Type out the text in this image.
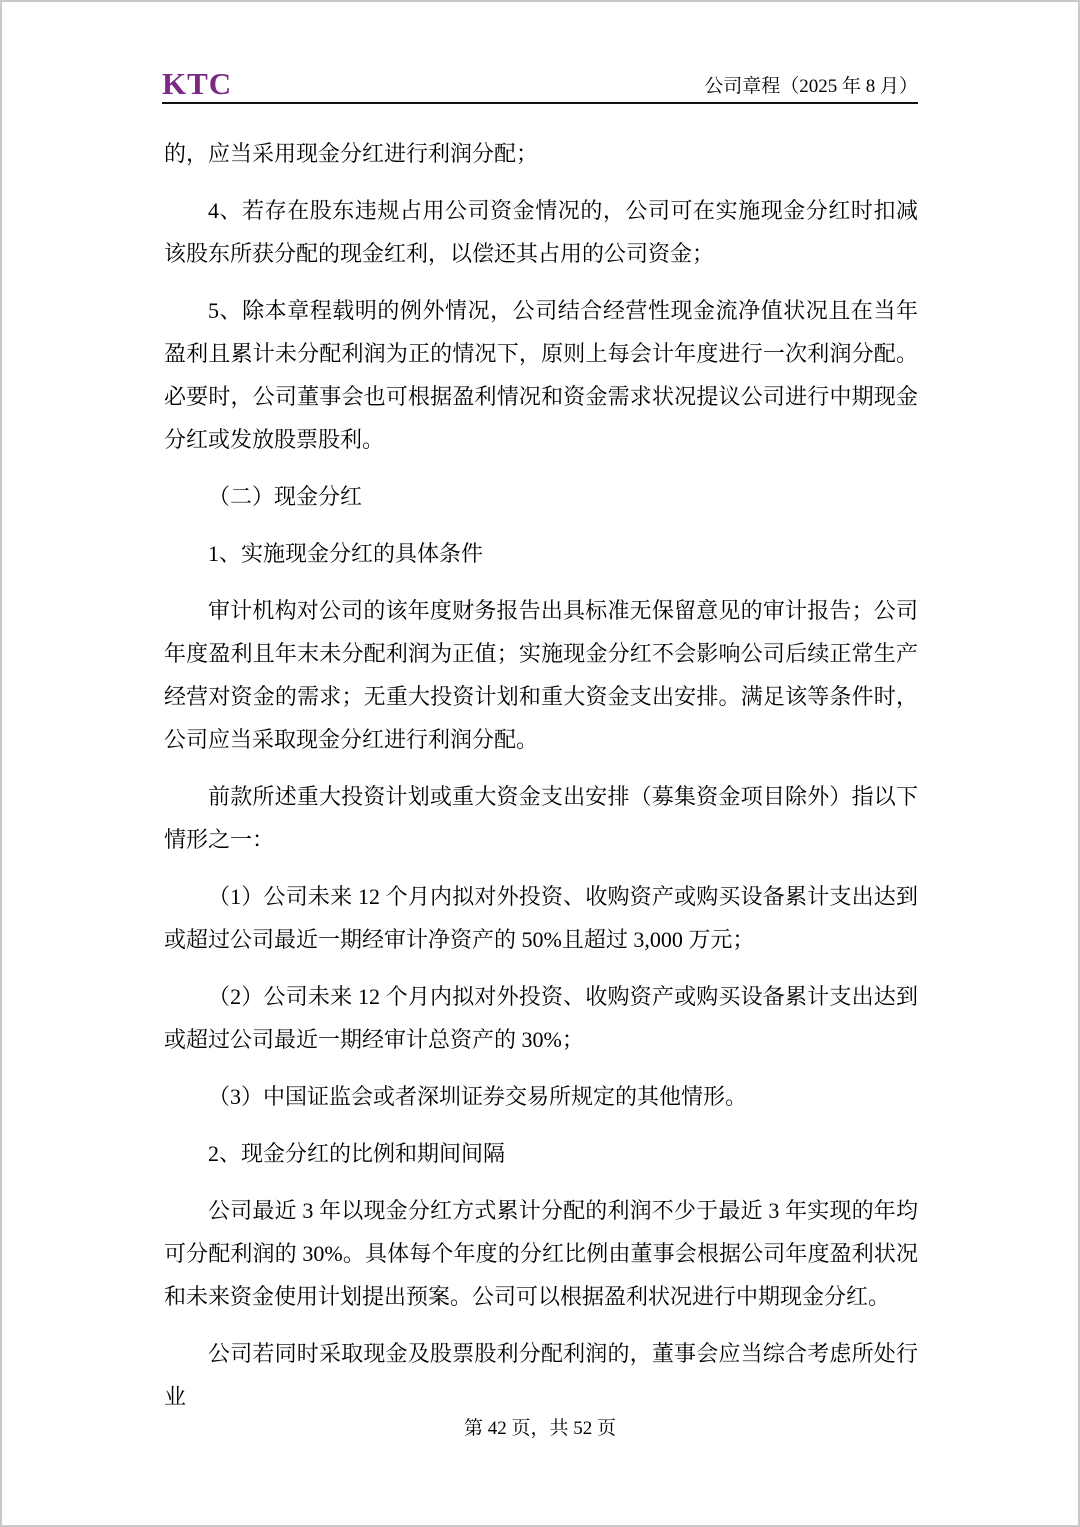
KTC	公司章程（2025 年 8 月）

的，应当采用现金分红进行利润分配；

4、若存在股东违规占用公司资金情况的，公司可在实施现金分红时扣减该股东所获分配的现金红利，以偿还其占用的公司资金；

5、除本章程载明的例外情况，公司结合经营性现金流净值状况且在当年盈利且累计未分配利润为正的情况下，原则上每会计年度进行一次利润分配。必要时，公司董事会也可根据盈利情况和资金需求状况提议公司进行中期现金分红或发放股票股利。

（二）现金分红

1、实施现金分红的具体条件

审计机构对公司的该年度财务报告出具标准无保留意见的审计报告；公司年度盈利且年末未分配利润为正值；实施现金分红不会影响公司后续正常生产经营对资金的需求；无重大投资计划和重大资金支出安排。满足该等条件时，公司应当采取现金分红进行利润分配。

前款所述重大投资计划或重大资金支出安排（募集资金项目除外）指以下情形之一：

（1）公司未来 12 个月内拟对外投资、收购资产或购买设备累计支出达到或超过公司最近一期经审计净资产的 50%且超过 3,000 万元；

（2）公司未来 12 个月内拟对外投资、收购资产或购买设备累计支出达到或超过公司最近一期经审计总资产的 30%；

（3）中国证监会或者深圳证券交易所规定的其他情形。

2、现金分红的比例和期间间隔

公司最近 3 年以现金分红方式累计分配的利润不少于最近 3 年实现的年均可分配利润的 30%。具体每个年度的分红比例由董事会根据公司年度盈利状况和未来资金使用计划提出预案。公司可以根据盈利状况进行中期现金分红。

公司若同时采取现金及股票股利分配利润的，董事会应当综合考虑所处行业

第 42 页，共 52 页
